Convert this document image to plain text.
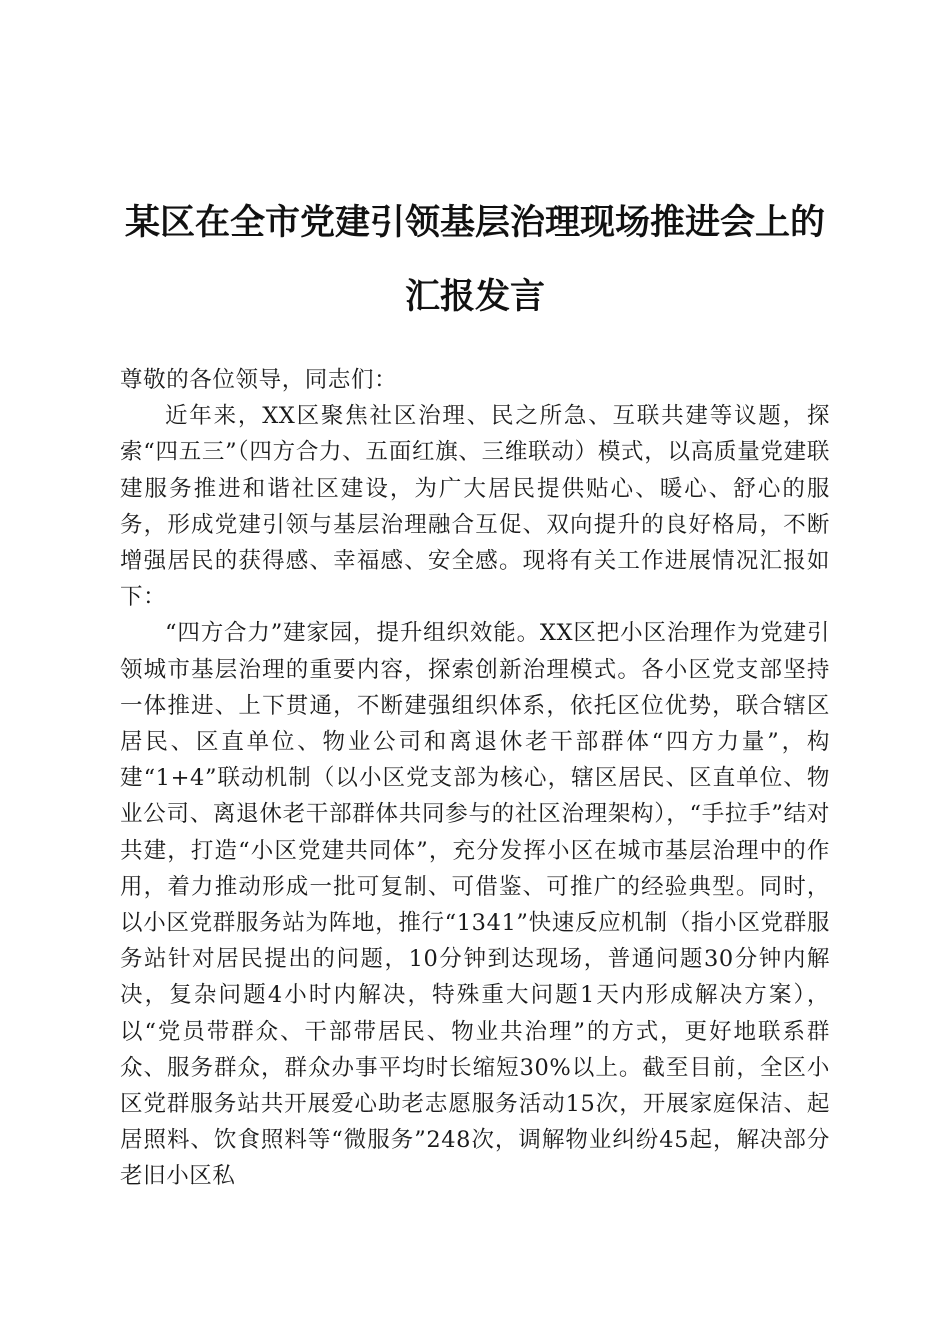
某区在全市党建引领基层治理现场推进会上的
汇报发言

尊敬的各位领导，同志们：

近年来，XX区聚焦社区治理、民之所急、互联共建等议题，探索“四五三”（四方合力、五面红旗、三维联动）模式，以高质量党建联建服务推进和谐社区建设，为广大居民提供贴心、暖心、舒心的服务，形成党建引领与基层治理融合互促、双向提升的良好格局，不断增强居民的获得感、幸福感、安全感。现将有关工作进展情况汇报如下：

“四方合力”建家园，提升组织效能。XX区把小区治理作为党建引领城市基层治理的重要内容，探索创新治理模式。各小区党支部坚持一体推进、上下贯通，不断建强组织体系，依托区位优势，联合辖区居民、区直单位、物业公司和离退休老干部群体“四方力量”，构建“1+4”联动机制（以小区党支部为核心，辖区居民、区直单位、物业公司、离退休老干部群体共同参与的社区治理架构），“手拉手”结对共建，打造“小区党建共同体”，充分发挥小区在城市基层治理中的作用，着力推动形成一批可复制、可借鉴、可推广的经验典型。同时，以小区党群服务站为阵地，推行“1341”快速反应机制（指小区党群服务站针对居民提出的问题，10分钟到达现场，普通问题30分钟内解决，复杂问题4小时内解决，特殊重大问题1天内形成解决方案），以“党员带群众、干部带居民、物业共治理”的方式，更好地联系群众、服务群众，群众办事平均时长缩短30%以上。截至目前，全区小区党群服务站共开展爱心助老志愿服务活动15次，开展家庭保洁、起居照料、饮食照料等“微服务”248次，调解物业纠纷45起，解决部分老旧小区私
